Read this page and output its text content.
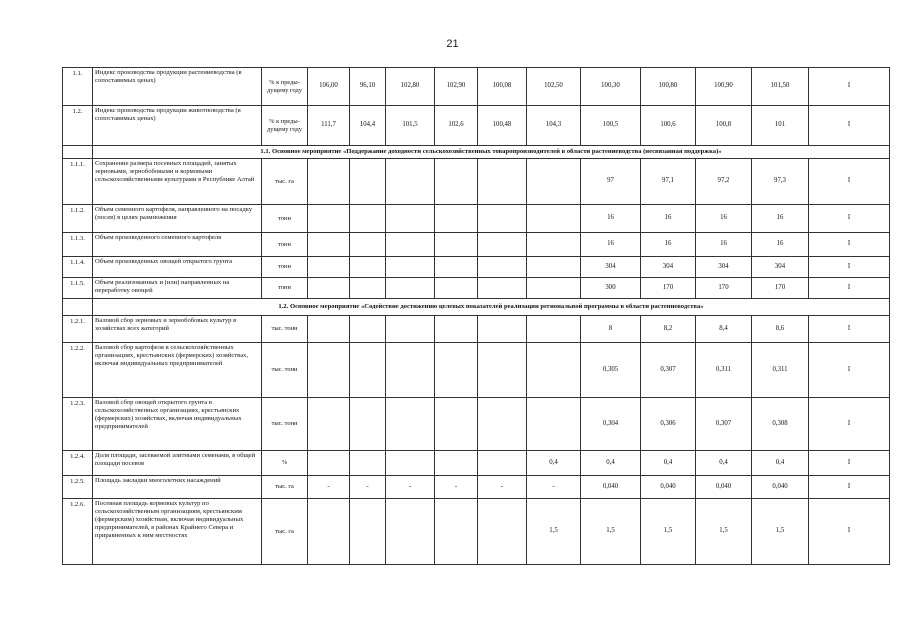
21
1.1.	Индекс производства продукции растениеводства (в сопоставимых ценах)	% к преды-дущему году	106,00	96,10	102,80	102,90	100,08	102,50	100,30	100,80	100,90	101,50	I
1.2.	Индекс производства продукции животноводства (в сопоставимых ценах)	% к преды-дущему году	111,7	104,4	101,5	102,6	100,48	104,3	100,5	100,6	100,8	101	I
	1.1. Основное мероприятие «Поддержание доходности сельскохозяйственных товаропроизводителей в области растениеводства (несвязанная поддержка)»												
1.1.1.	Сохранение размера посевных площадей, занятых зерновыми, зернобобовыми и кормовыми сельскохозяйственными культурами в Республике Алтай	тыс. га							97	97,1	97,2	97,3	I
1.1.2.	Объем семенного картофеля, направленного на посадку (посев) в целях размножения	тонн							16	16	16	16	I
1.1.3.	Объем произведенного семенного картофеля	тонн							16	16	16	16	I
1.1.4.	Объем произведенных овощей открытого грунта	тонн							304	304	304	304	I
1.1.5.	Объем реализованных и (или) направленных на переработку овощей	тонн							300	170	170	170	I
	1.2. Основное мероприятие «Содействие достижению целевых показателей реализации региональной программы в области растениеводства»												
1.2.1.	Валовой сбор зерновых и зернобобовых культур в хозяйствах всех категорий	тыс. тонн							8	8,2	8,4	8,6	I
1.2.2.	Валовой сбор картофеля в сельскохозяйственных организациях, крестьянских (фермерских) хозяйствах, включая индивидуальных предпринимателей	тыс. тонн							0,305	0,307	0,311	0,311	I
1.2.3.	Валовой сбор овощей открытого грунта в сельскохозяйственных организациях, крестьянских (фермерских) хозяйствах, включая индивидуальных предпринимателей	тыс. тонн							0,304	0,306	0,307	0,308	I
1.2.4.	Доля площади, засеваемой элитными семенами, в общей площади посевов	%						0,4	0,4	0,4	0,4	0,4	I
1.2.5.	Площадь закладки многолетних насаждений	тыс. га	-	-	-	-	-	-	0,040	0,040	0,040	0,040	I
1.2.6.	Посевная площадь кормовых культур по сельскохозяйственным организациям, крестьянским (фермерским) хозяйствам, включая индивидуальных предпринимателей, в районах Крайнего Севера и приравненных к ним местностях	тыс. га						1,5	1,5	1,5	1,5	1,5	I
